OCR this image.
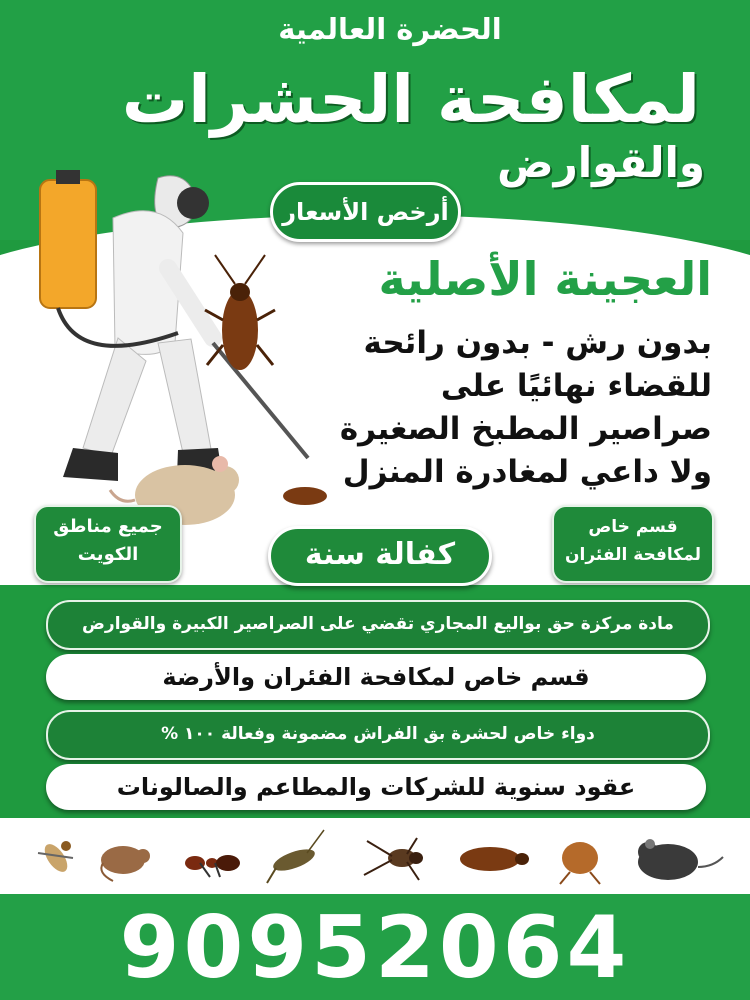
الحضرة العالمية
لمكافحة الحشرات
والقوارض
أرخص الأسعار
العجينة الأصلية
بدون رش - بدون رائحة
للقضاء نهائيًا على
صراصير المطبخ الصغيرة
ولا داعي لمغادرة المنزل
جميع مناطق
الكويت
قسم خاص
لمكافحة الفئران
كفالة سنة
مادة مركزة حق بواليع المجاري تقضي على الصراصير الكبيرة والقوارض
قسم خاص لمكافحة الفئران والأرضة
دواء خاص لحشرة بق الفراش مضمونة وفعالة ١٠٠ %
عقود سنوية للشركات والمطاعم والصالونات
90952064
